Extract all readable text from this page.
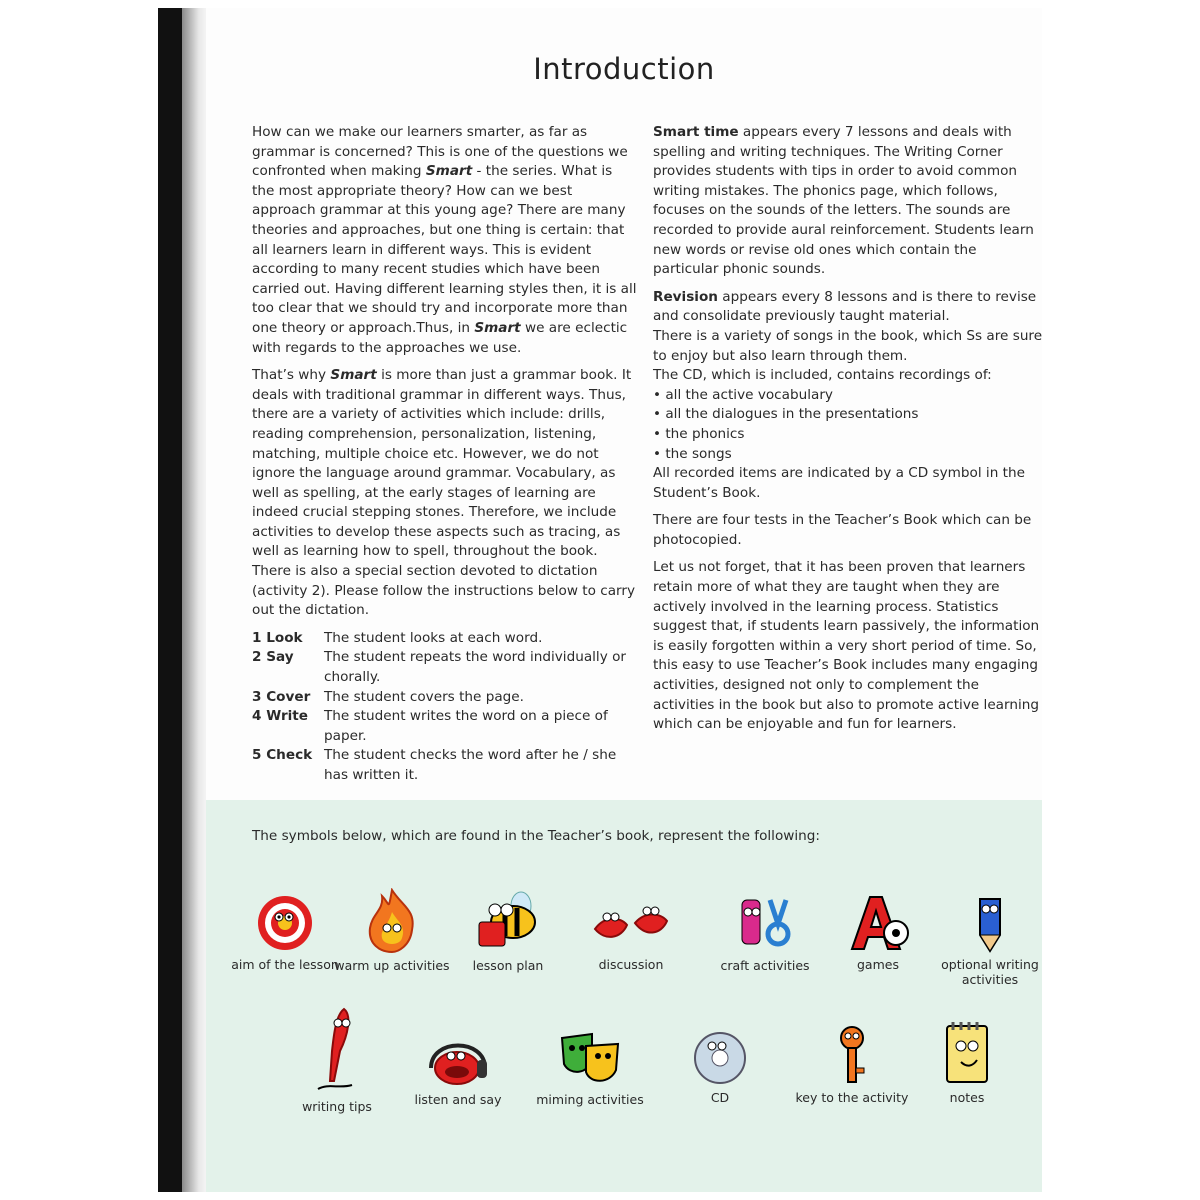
Introduction

How can we make our learners smarter, as far as grammar is concerned? This is one of the questions we confronted when making Smart - the series. What is the most appropriate theory? How can we best approach grammar at this young age? There are many theories and approaches, but one thing is certain: that all learners learn in different ways. This is evident according to many recent studies which have been carried out. Having different learning styles then, it is all too clear that we should try and incorporate more than one theory or approach.Thus, in Smart we are eclectic with regards to the approaches we use.

That’s why Smart is more than just a grammar book. It deals with traditional grammar in different ways. Thus, there are a variety of activities which include: drills, reading comprehension, personalization, listening, matching, multiple choice etc. However, we do not ignore the language around grammar. Vocabulary, as well as spelling, at the early stages of learning are indeed crucial stepping stones. Therefore, we include activities to develop these aspects such as tracing, as well as learning how to spell, throughout the book. There is also a special section devoted to dictation (activity 2). Please follow the instructions below to carry out the dictation.

1 Look	The student looks at each word.
2 Say	The student repeats the word individually or chorally.
3 Cover	The student covers the page.
4 Write	The student writes the word on a piece of paper.
5 Check The student checks the word after he / she has written it.

Smart time appears every 7 lessons and deals with spelling and writing techniques. The Writing Corner provides students with tips in order to avoid common writing mistakes. The phonics page, which follows, focuses on the sounds of the letters. The sounds are recorded to provide aural reinforcement. Students learn new words or revise old ones which contain the particular phonic sounds.

Revision appears every 8 lessons and is there to revise and consolidate previously taught material.
There is a variety of songs in the book, which Ss are sure to enjoy but also learn through them.
The CD, which is included, contains recordings of:
• all the active vocabulary
• all the dialogues in the presentations
• the phonics
• the songs
All recorded items are indicated by a CD symbol in the Student’s Book.

There are four tests in the Teacher’s Book which can be photocopied.

Let us not forget, that it has been proven that learners retain more of what they are taught when they are actively involved in the learning process. Statistics suggest that, if students learn passively, the information is easily forgotten within a very short period of time. So, this easy to use Teacher’s Book includes many engaging activities, designed not only to complement the activities in the book but also to promote active learning which can be enjoyable and fun for learners.

The symbols below, which are found in the Teacher’s book, represent the following:
aim of the lesson
warm up activities	lesson plan	discussion	craft activities	games	optional writing activities
writing tips	listen and say	miming activities	CD	key to the activity	notes
